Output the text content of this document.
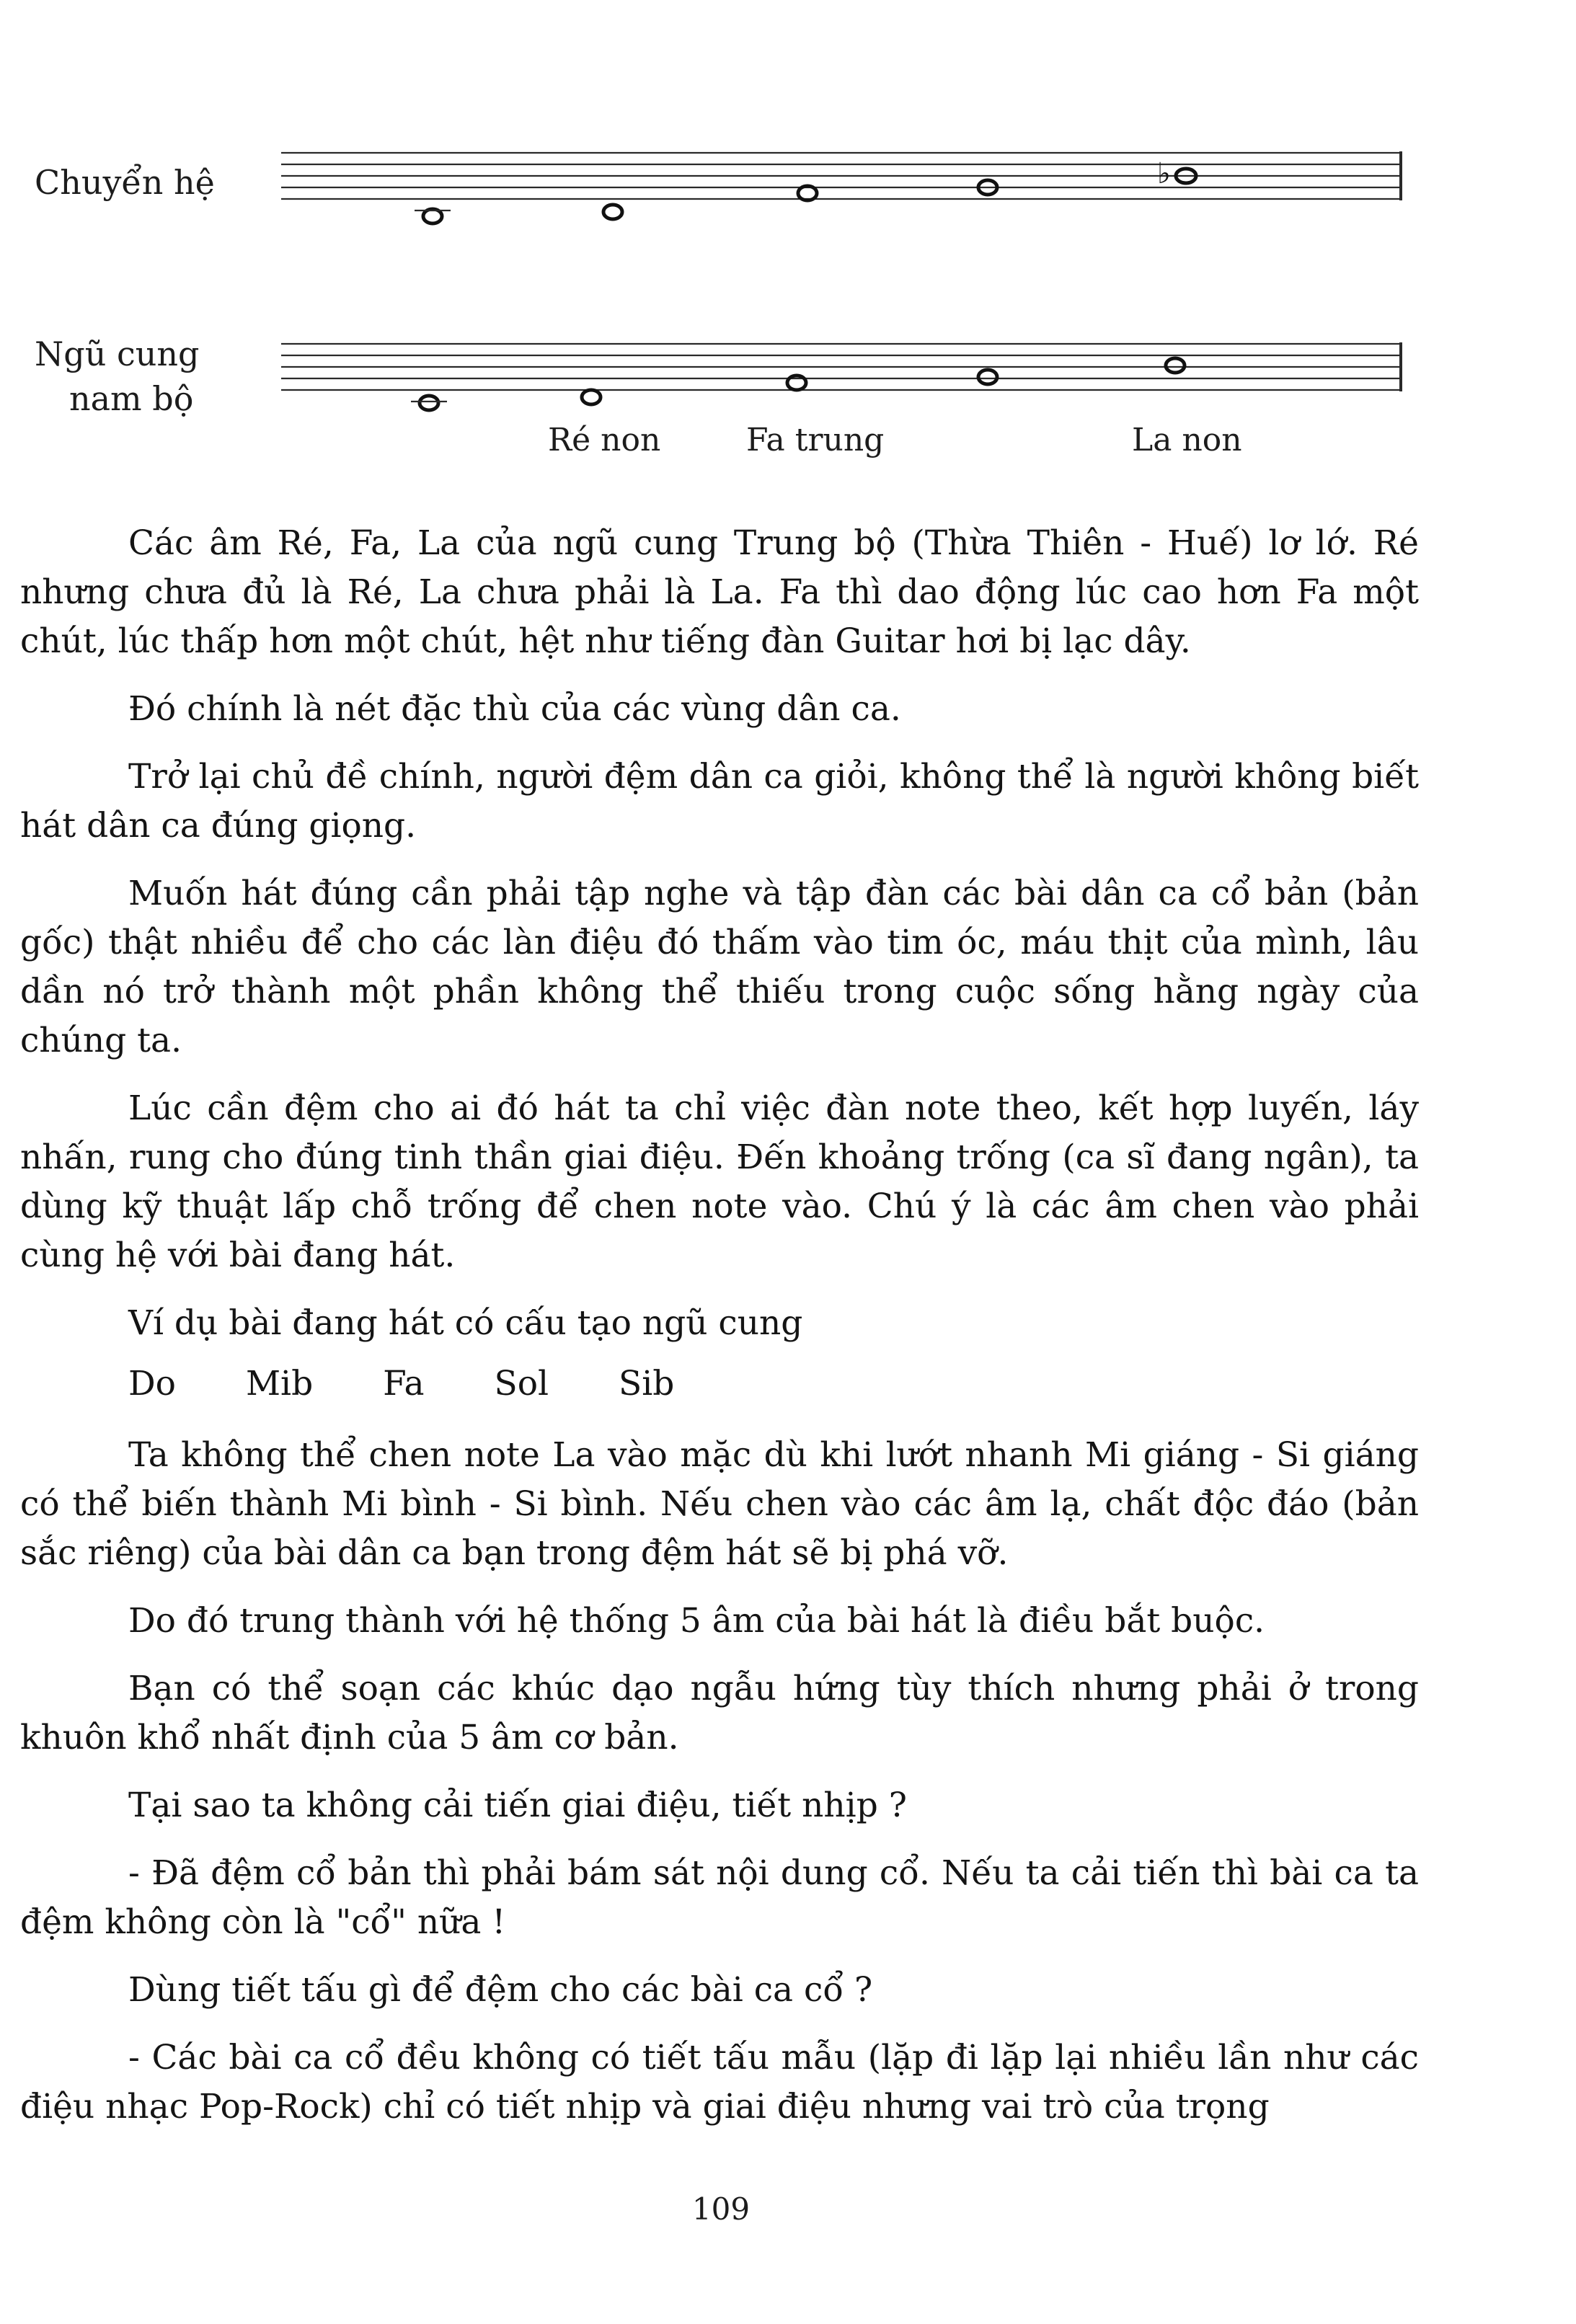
Chuyển hệ	♭
Ngũ cung
nam bộ
Ré non	Fa trung	La non

Các âm Ré, Fa, La của ngũ cung Trung bộ (Thừa Thiên - Huế) lơ lớ. Ré nhưng chưa đủ là Ré, La chưa phải là La. Fa thì dao động lúc cao hơn Fa một chút, lúc thấp hơn một chút, hệt như tiếng đàn Guitar hơi bị lạc dây.

Đó chính là nét đặc thù của các vùng dân ca.

Trở lại chủ đề chính, người đệm dân ca giỏi, không thể là người không biết hát dân ca đúng giọng.

Muốn hát đúng cần phải tập nghe và tập đàn các bài dân ca cổ bản (bản gốc) thật nhiều để cho các làn điệu đó thấm vào tim óc, máu thịt của mình, lâu dần nó trở thành một phần không thể thiếu trong cuộc sống hằng ngày của chúng ta.

Lúc cần đệm cho ai đó hát ta chỉ việc đàn note theo, kết hợp luyến, láy nhấn, rung cho đúng tinh thần giai điệu. Đến khoảng trống (ca sĩ đang ngân), ta dùng kỹ thuật lấp chỗ trống để chen note vào. Chú ý là các âm chen vào phải cùng hệ với bài đang hát.

Ví dụ bài đang hát có cấu tạo ngũ cung

Do Mib Fa Sol Sib

Ta không thể chen note La vào mặc dù khi lướt nhanh Mi giáng - Si giáng có thể biến thành Mi bình - Si bình. Nếu chen vào các âm lạ, chất độc đáo (bản sắc riêng) của bài dân ca bạn trong đệm hát sẽ bị phá vỡ.

Do đó trung thành với hệ thống 5 âm của bài hát là điều bắt buộc.

Bạn có thể soạn các khúc dạo ngẫu hứng tùy thích nhưng phải ở trong khuôn khổ nhất định của 5 âm cơ bản.

Tại sao ta không cải tiến giai điệu, tiết nhịp ?

- Đã đệm cổ bản thì phải bám sát nội dung cổ. Nếu ta cải tiến thì bài ca ta đệm không còn là "cổ" nữa !

Dùng tiết tấu gì để đệm cho các bài ca cổ ?

- Các bài ca cổ đều không có tiết tấu mẫu (lặp đi lặp lại nhiều lần như các điệu nhạc Pop-Rock) chỉ có tiết nhịp và giai điệu nhưng vai trò của trọng

109
